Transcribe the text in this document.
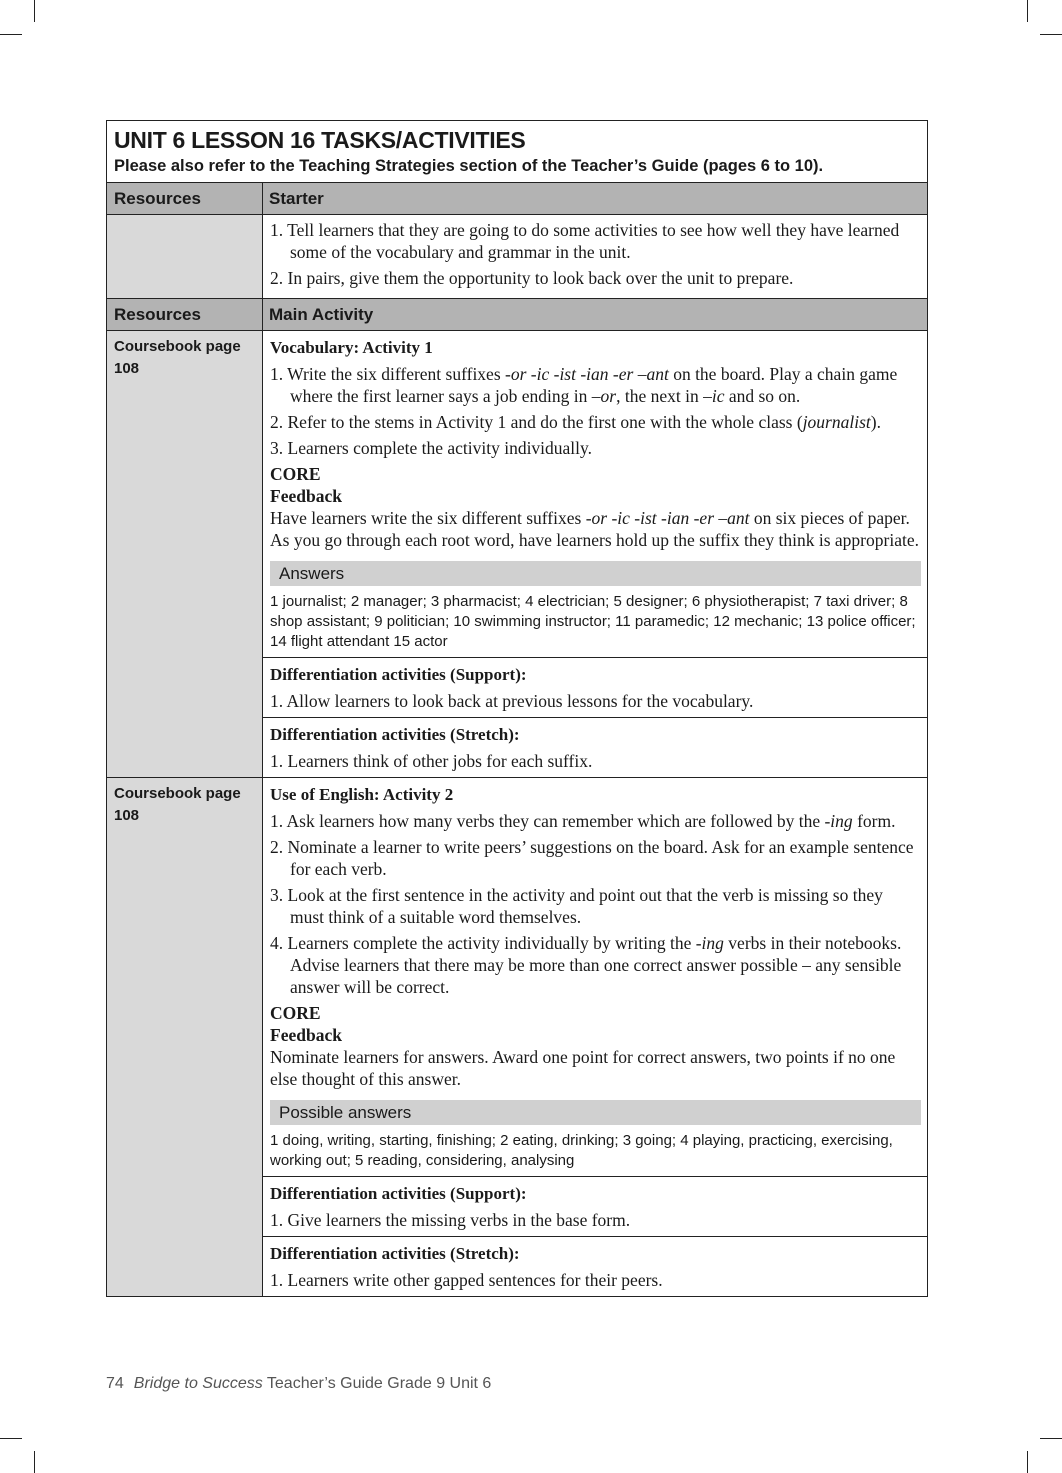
UNIT 6 LESSON 16 TASKS/ACTIVITIES
Please also refer to the Teaching Strategies section of the Teacher’s Guide (pages 6 to 10).
Resources	Starter
1. Tell learners that they are going to do some activities to see how well they have learned some of the vocabulary and grammar in the unit.
2. In pairs, give them the opportunity to look back over the unit to prepare.
Resources	Main Activity
Coursebook page 108
Vocabulary: Activity 1
1. Write the six different suffixes -or -ic -ist -ian -er –ant on the board. Play a chain game where the first learner says a job ending in –or, the next in –ic and so on.
2. Refer to the stems in Activity 1 and do the first one with the whole class (journalist).
3. Learners complete the activity individually.
CORE
Feedback
Have learners write the six different suffixes -or -ic -ist -ian -er –ant on six pieces of paper. As you go through each root word, have learners hold up the suffix they think is appropriate.
Answers
1 journalist; 2 manager; 3 pharmacist; 4 electrician; 5 designer; 6 physiotherapist; 7 taxi driver; 8 shop assistant; 9 politician; 10 swimming instructor; 11 paramedic; 12 mechanic; 13 police officer; 14 flight attendant 15 actor
Differentiation activities (Support):
1. Allow learners to look back at previous lessons for the vocabulary.
Differentiation activities (Stretch):
1. Learners think of other jobs for each suffix.
Coursebook page 108
Use of English: Activity 2
1. Ask learners how many verbs they can remember which are followed by the -ing form.
2. Nominate a learner to write peers’ suggestions on the board. Ask for an example sentence for each verb.
3. Look at the first sentence in the activity and point out that the verb is missing so they must think of a suitable word themselves.
4. Learners complete the activity individually by writing the -ing verbs in their notebooks. Advise learners that there may be more than one correct answer possible – any sensible answer will be correct.
CORE
Feedback
Nominate learners for answers. Award one point for correct answers, two points if no one else thought of this answer.
Possible answers
1 doing, writing, starting, finishing; 2 eating, drinking; 3 going; 4 playing, practicing, exercising, working out; 5 reading, considering, analysing
Differentiation activities (Support):
1. Give learners the missing verbs in the base form.
Differentiation activities (Stretch):
1. Learners write other gapped sentences for their peers.
74 Bridge to Success Teacher’s Guide Grade 9 Unit 6
